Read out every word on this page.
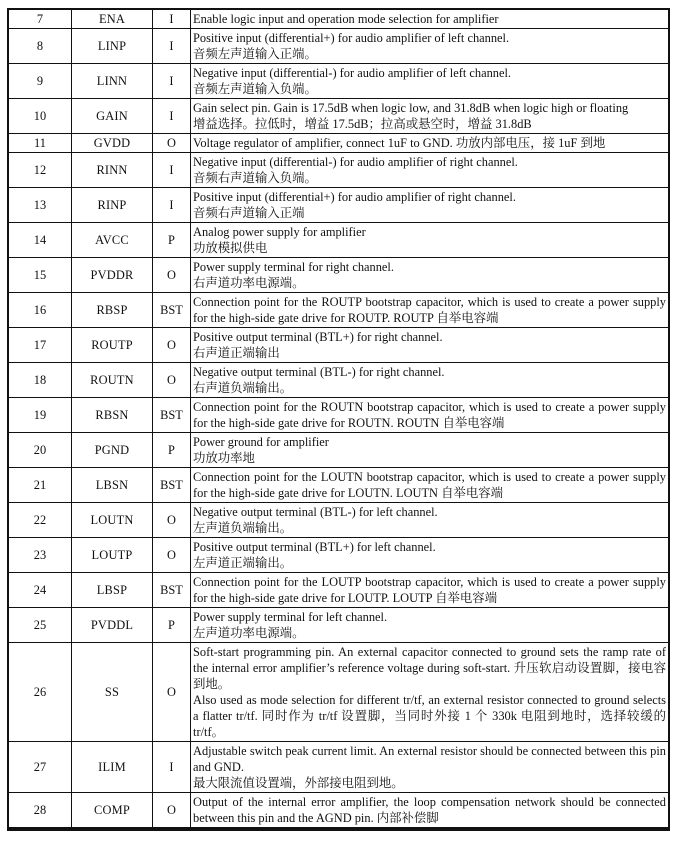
7	ENA	I	Enable logic input and operation mode selection for amplifier

8	LINP	I	Positive input (differential+) for audio amplifier of left channel.
音频左声道输入正端。

9	LINN	I	Negative input (differential-) for audio amplifier of left channel.
音频左声道输入负端。

10	GAIN	I	Gain select pin. Gain is 17.5dB when logic low, and 31.8dB when logic high or floating
增益选择。拉低时，增益 17.5dB；拉高或悬空时，增益 31.8dB

11	GVDD	O	Voltage regulator of amplifier, connect 1uF to GND. 功放内部电压，接 1uF 到地

12	RINN	I	Negative input (differential-) for audio amplifier of right channel.
音频右声道输入负端。

13	RINP	I	Positive input (differential+) for audio amplifier of right channel.
音频右声道输入正端

14	AVCC	P	Analog power supply for amplifier
功放模拟供电

15	PVDDR	O	Power supply terminal for right channel.
右声道功率电源端。

16	RBSP	BST	Connection point for the ROUTP bootstrap capacitor, which is used to create a power supply for the high-side gate drive for ROUTP. ROUTP 自举电容端

17	ROUTP	O	Positive output terminal (BTL+) for right channel.
右声道正端输出

18	ROUTN	O	Negative output terminal (BTL-) for right channel.
右声道负端输出。

19	RBSN	BST	Connection point for the ROUTN bootstrap capacitor, which is used to create a power supply for the high-side gate drive for ROUTN. ROUTN 自举电容端

20	PGND	P	Power ground for amplifier
功放功率地

21	LBSN	BST	Connection point for the LOUTN bootstrap capacitor, which is used to create a power supply for the high-side gate drive for LOUTN. LOUTN 自举电容端

22	LOUTN	O	Negative output terminal (BTL-) for left channel.
左声道负端输出。

23	LOUTP	O	Positive output terminal (BTL+) for left channel.
左声道正端输出。

24	LBSP	BST	Connection point for the LOUTP bootstrap capacitor, which is used to create a power supply for the high-side gate drive for LOUTP. LOUTP 自举电容端

25	PVDDL	P	Power supply terminal for left channel.
左声道功率电源端。

26	SS	O	Soft-start programming pin. An external capacitor connected to ground sets the ramp rate of the internal error amplifier’s reference voltage during soft-start. 升压软启动设置脚，接电容到地。
Also used as mode selection for different tr/tf, an external resistor connected to ground selects a flatter tr/tf. 同时作为 tr/tf 设置脚，当同时外接 1 个 330k 电阻到地时，选择较缓的 tr/tf。

27	ILIM	I	Adjustable switch peak current limit. An external resistor should be connected between this pin and GND.
最大限流值设置端，外部接电阻到地。

28	COMP	O	Output of the internal error amplifier, the loop compensation network should be connected between this pin and the AGND pin. 内部补偿脚
